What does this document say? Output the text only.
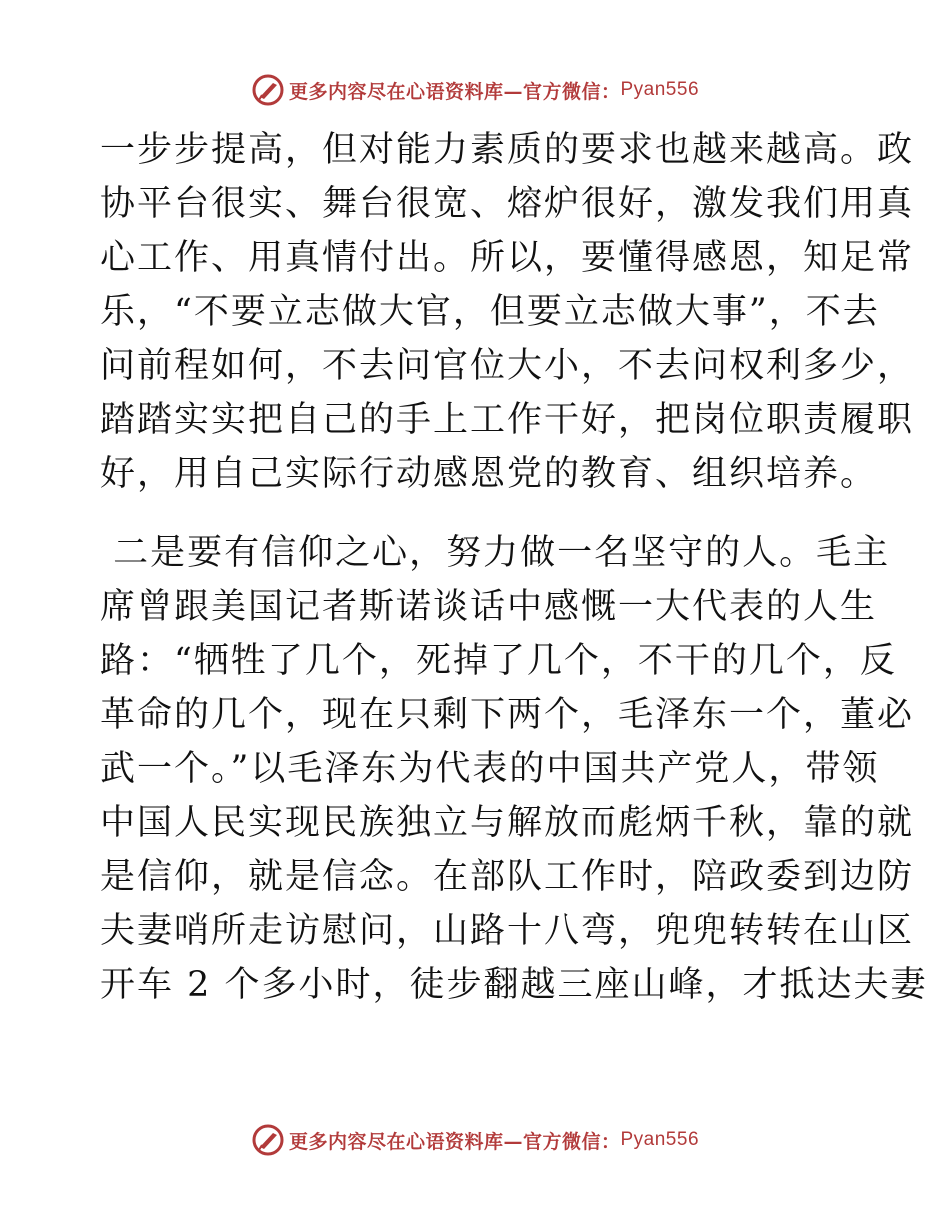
更多内容尽在心语资料库—官方微信： Pyan556
一步步提高，但对能力素质的要求也越来越高。政
协平台很实、舞台很宽、熔炉很好，激发我们用真
心工作、用真情付出。所以，要懂得感恩，知足常
乐，“不要立志做大官，但要立志做大事”，不去
问前程如何，不去问官位大小，不去问权利多少，
踏踏实实把自己的手上工作干好，把岗位职责履职
好，用自己实际行动感恩党的教育、组织培养。
二是要有信仰之心，努力做一名坚守的人。毛主
席曾跟美国记者斯诺谈话中感慨一大代表的人生
路：“牺牲了几个，死掉了几个，不干的几个，反
革命的几个，现在只剩下两个，毛泽东一个，董必
武一个。”以毛泽东为代表的中国共产党人，带领
中国人民实现民族独立与解放而彪炳千秋，靠的就
是信仰，就是信念。在部队工作时，陪政委到边防
夫妻哨所走访慰问，山路十八弯，兜兜转转在山区
开车 2 个多小时，徒步翻越三座山峰，才抵达夫妻
更多内容尽在心语资料库—官方微信： Pyan556
